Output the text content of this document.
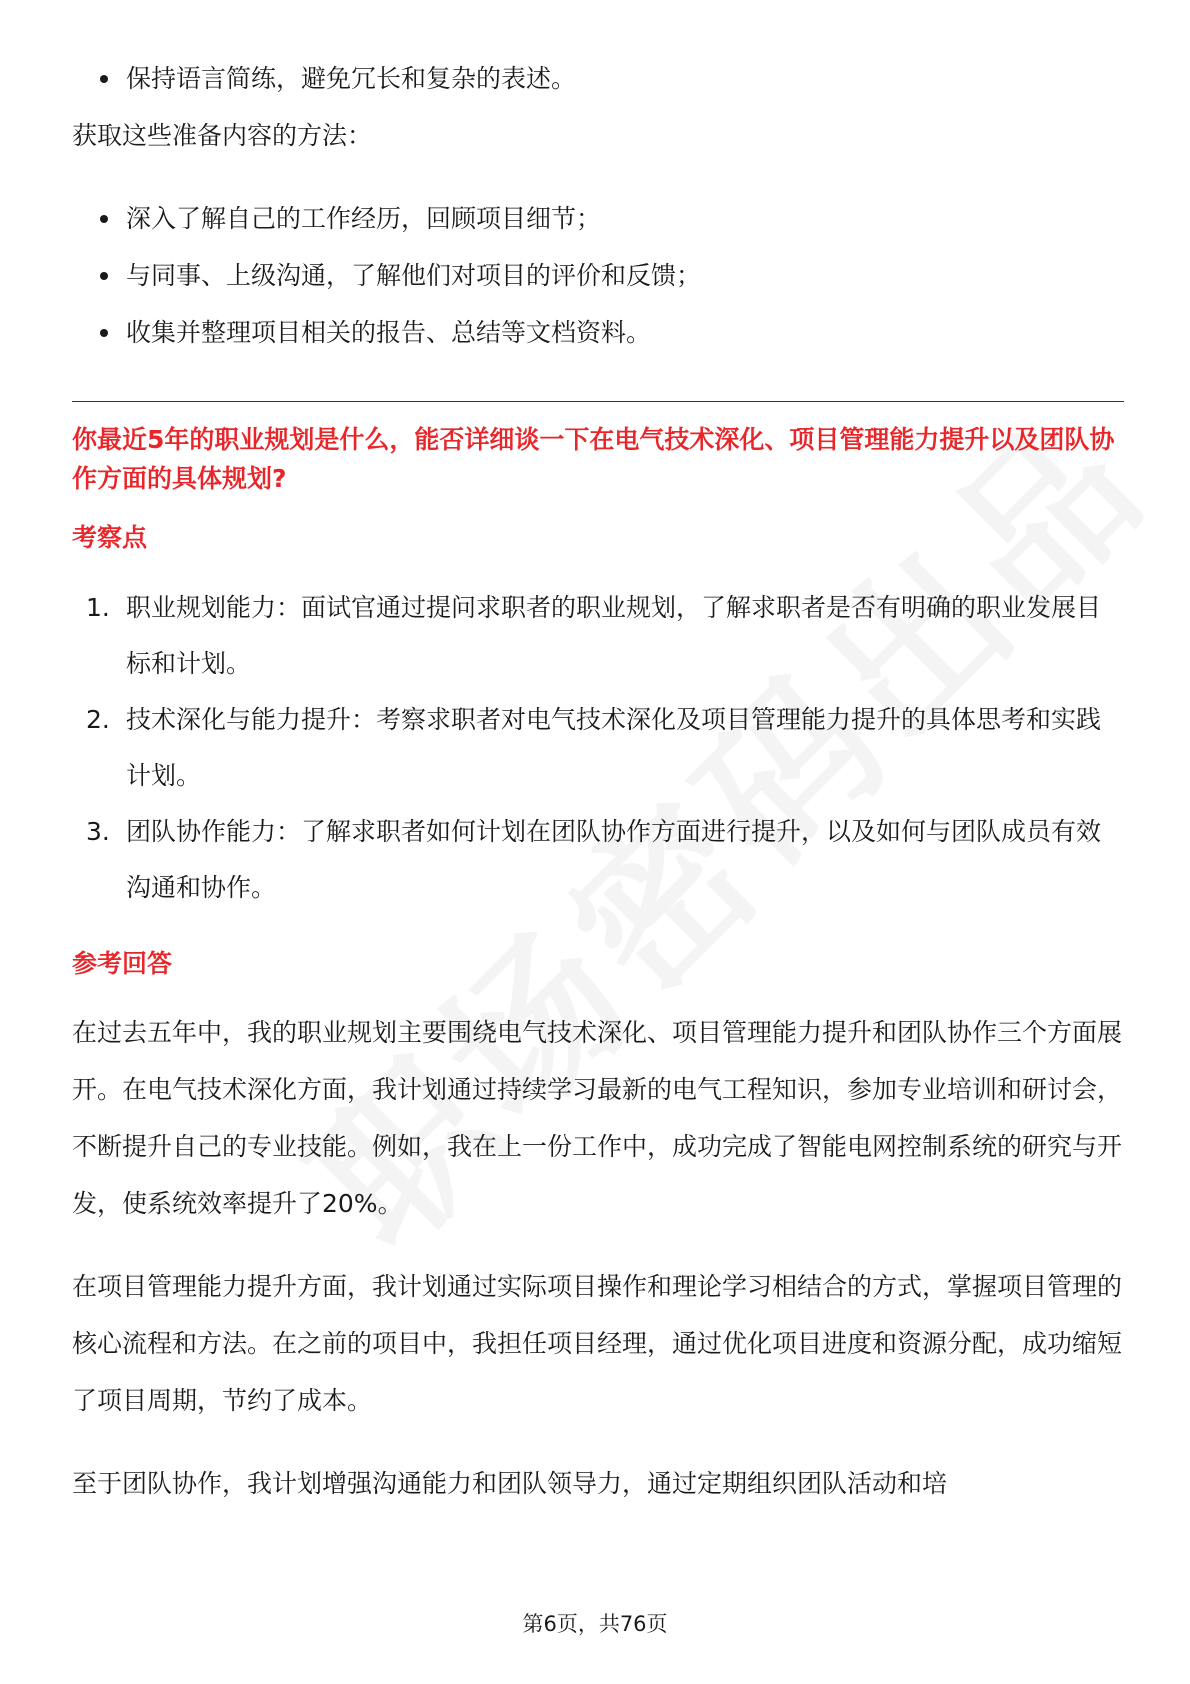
保持语言简练，避免冗长和复杂的表述。

获取这些准备内容的方法：

深入了解自己的工作经历，回顾项目细节；
与同事、上级沟通，了解他们对项目的评价和反馈；
收集并整理项目相关的报告、总结等文档资料。

你最近5年的职业规划是什么，能否详细谈一下在电气技术深化、项目管理能力提升以及团队协作方面的具体规划?

考察点

1. 职业规划能力：面试官通过提问求职者的职业规划，了解求职者是否有明确的职业发展目标和计划。
2. 技术深化与能力提升：考察求职者对电气技术深化及项目管理能力提升的具体思考和实践计划。
3. 团队协作能力：了解求职者如何计划在团队协作方面进行提升，以及如何与团队成员有效沟通和协作。

参考回答

在过去五年中，我的职业规划主要围绕电气技术深化、项目管理能力提升和团队协作三个方面展开。在电气技术深化方面，我计划通过持续学习最新的电气工程知识，参加专业培训和研讨会，不断提升自己的专业技能。例如，我在上一份工作中，成功完成了智能电网控制系统的研究与开发，使系统效率提升了20%。

在项目管理能力提升方面，我计划通过实际项目操作和理论学习相结合的方式，掌握项目管理的核心流程和方法。在之前的项目中，我担任项目经理，通过优化项目进度和资源分配，成功缩短了项目周期，节约了成本。

至于团队协作，我计划增强沟通能力和团队领导力，通过定期组织团队活动和培

第6页，共76页
